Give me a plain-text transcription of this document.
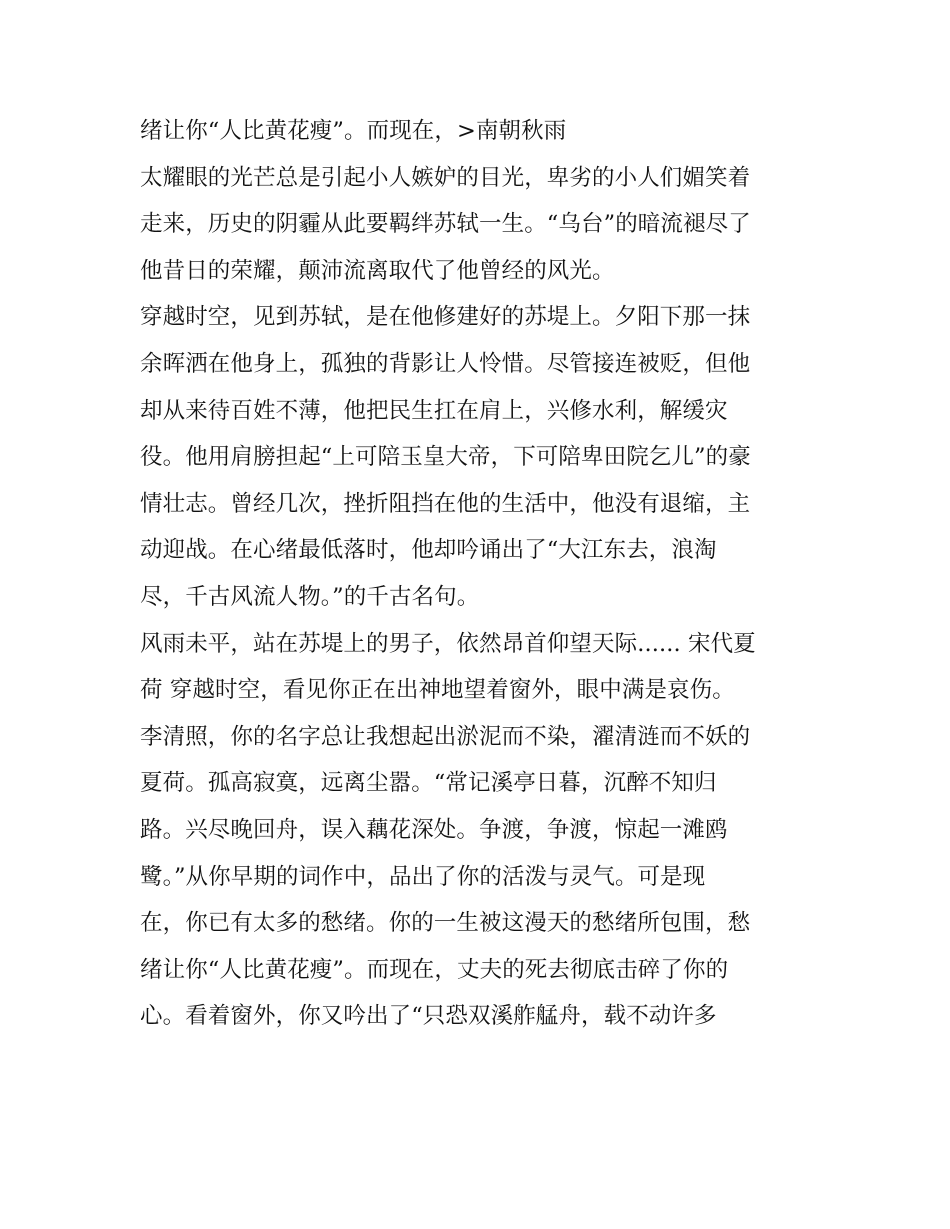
绪让你“人比黄花瘦”。而现在，>南朝秋雨
太耀眼的光芒总是引起小人嫉妒的目光，卑劣的小人们媚笑着
走来，历史的阴霾从此要羁绊苏轼一生。“乌台”的暗流褪尽了
他昔日的荣耀，颠沛流离取代了他曾经的风光。
穿越时空，见到苏轼，是在他修建好的苏堤上。夕阳下那一抹
余晖洒在他身上，孤独的背影让人怜惜。尽管接连被贬，但他
却从来待百姓不薄，他把民生扛在肩上，兴修水利，解缓灾
役。他用肩膀担起“上可陪玉皇大帝，下可陪卑田院乞儿”的豪
情壮志。曾经几次，挫折阻挡在他的生活中，他没有退缩，主
动迎战。在心绪最低落时，他却吟诵出了“大江东去，浪淘
尽，千古风流人物。”的千古名句。
风雨未平，站在苏堤上的男子，依然昂首仰望天际...... 宋代夏
荷 穿越时空，看见你正在出神地望着窗外，眼中满是哀伤。
李清照，你的名字总让我想起出淤泥而不染，濯清涟而不妖的
夏荷。孤高寂寞，远离尘嚣。“常记溪亭日暮，沉醉不知归
路。兴尽晚回舟，误入藕花深处。争渡，争渡，惊起一滩鸥
鹭。”从你早期的词作中，品出了你的活泼与灵气。可是现
在，你已有太多的愁绪。你的一生被这漫天的愁绪所包围，愁
绪让你“人比黄花瘦”。而现在，丈夫的死去彻底击碎了你的
心。看着窗外，你又吟出了“只恐双溪舴艋舟，载不动许多
